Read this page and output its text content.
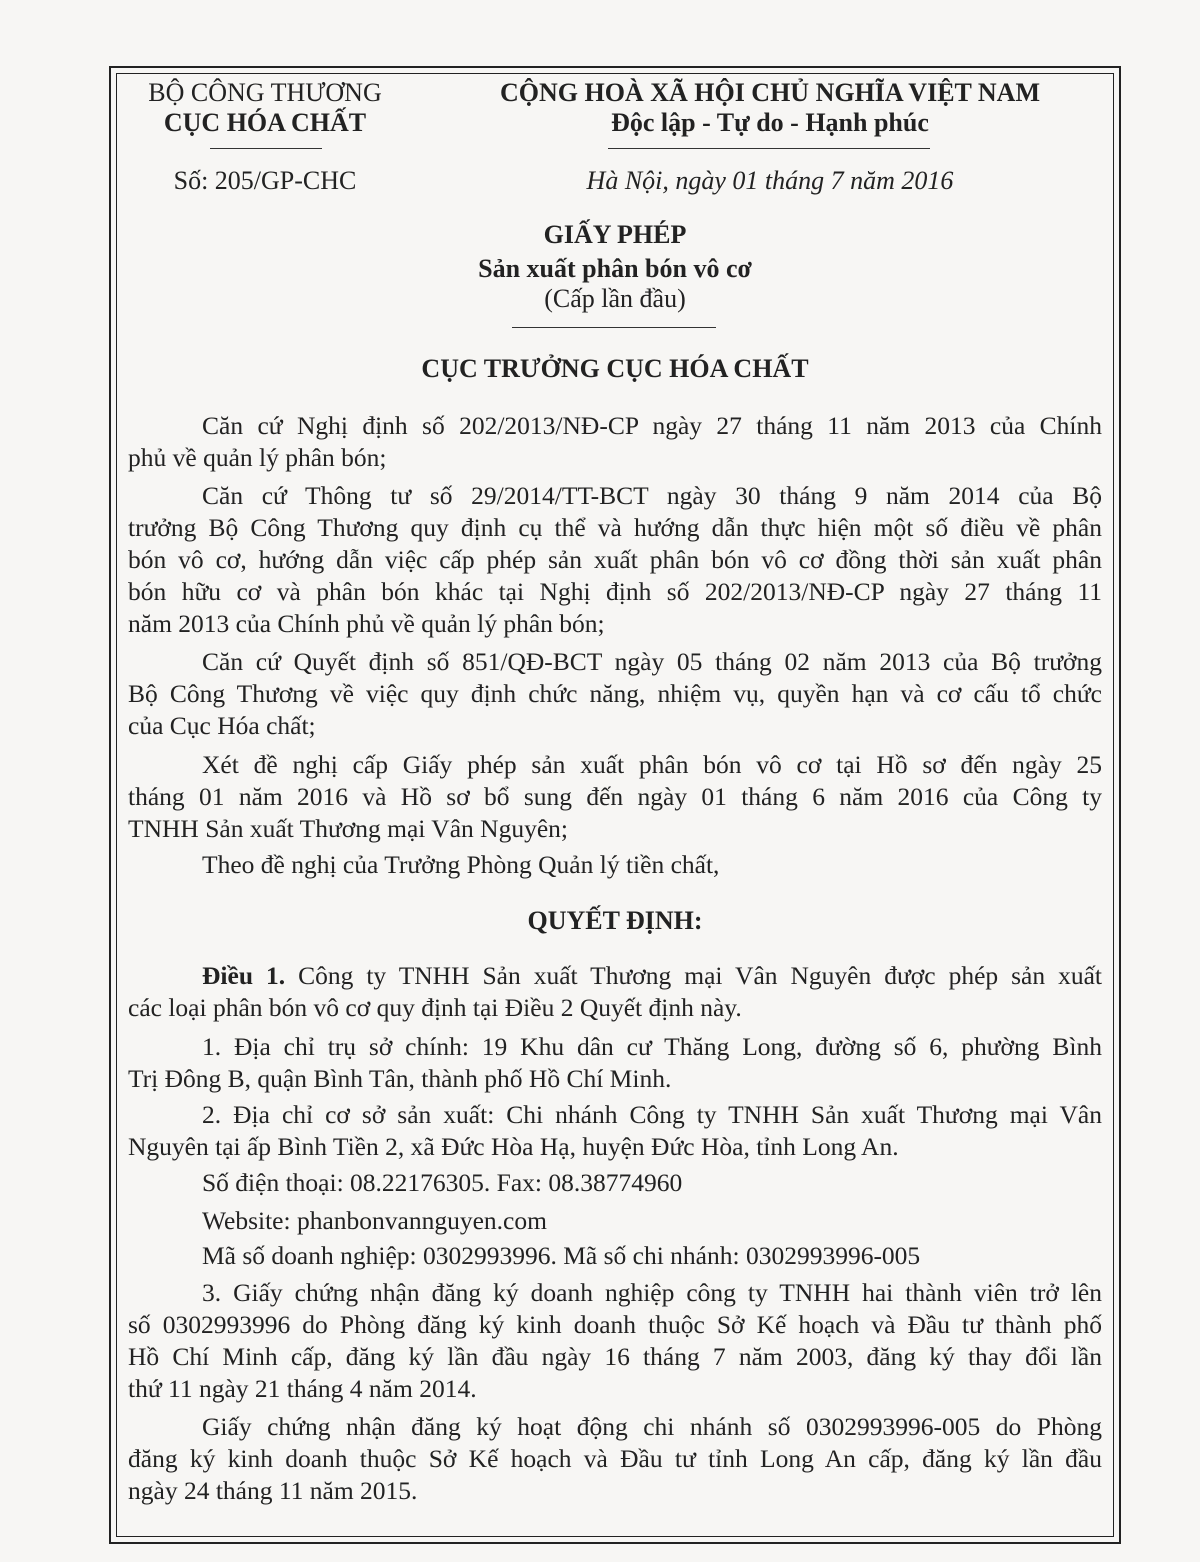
BỘ CÔNG THƯƠNG
CỤC HÓA CHẤT
CỘNG HOÀ XÃ HỘI CHỦ NGHĨA VIỆT NAM
Độc lập - Tự do - Hạnh phúc
Số: 205/GP-CHC	Hà Nội, ngày 01 tháng 7 năm 2016
GIẤY PHÉP
Sản xuất phân bón vô cơ
(Cấp lần đầu)
CỤC TRƯỞNG CỤC HÓA CHẤT
Căn cứ Nghị định số 202/2013/NĐ-CP ngày 27 tháng 11 năm 2013 của Chính
phủ về quản lý phân bón;
Căn cứ Thông tư số 29/2014/TT-BCT ngày 30 tháng 9 năm 2014 của Bộ
trưởng Bộ Công Thương quy định cụ thể và hướng dẫn thực hiện một số điều về phân
bón vô cơ, hướng dẫn việc cấp phép sản xuất phân bón vô cơ đồng thời sản xuất phân
bón hữu cơ và phân bón khác tại Nghị định số 202/2013/NĐ-CP ngày 27 tháng 11
năm 2013 của Chính phủ về quản lý phân bón;
Căn cứ Quyết định số 851/QĐ-BCT ngày 05 tháng 02 năm 2013 của Bộ trưởng
Bộ Công Thương về việc quy định chức năng, nhiệm vụ, quyền hạn và cơ cấu tổ chức
của Cục Hóa chất;
Xét đề nghị cấp Giấy phép sản xuất phân bón vô cơ tại Hồ sơ đến ngày 25
tháng 01 năm 2016 và Hồ sơ bổ sung đến ngày 01 tháng 6 năm 2016 của Công ty
TNHH Sản xuất Thương mại Vân Nguyên;
Theo đề nghị của Trưởng Phòng Quản lý tiền chất,
QUYẾT ĐỊNH:
Điều 1. Công ty TNHH Sản xuất Thương mại Vân Nguyên được phép sản xuất
các loại phân bón vô cơ quy định tại Điều 2 Quyết định này.
1. Địa chỉ trụ sở chính: 19 Khu dân cư Thăng Long, đường số 6, phường Bình
Trị Đông B, quận Bình Tân, thành phố Hồ Chí Minh.
2. Địa chỉ cơ sở sản xuất: Chi nhánh Công ty TNHH Sản xuất Thương mại Vân
Nguyên tại ấp Bình Tiền 2, xã Đức Hòa Hạ, huyện Đức Hòa, tỉnh Long An.
Số điện thoại: 08.22176305. Fax: 08.38774960
Website: phanbonvannguyen.com
Mã số doanh nghiệp: 0302993996. Mã số chi nhánh: 0302993996-005
3. Giấy chứng nhận đăng ký doanh nghiệp công ty TNHH hai thành viên trở lên
số 0302993996 do Phòng đăng ký kinh doanh thuộc Sở Kế hoạch và Đầu tư thành phố
Hồ Chí Minh cấp, đăng ký lần đầu ngày 16 tháng 7 năm 2003, đăng ký thay đổi lần
thứ 11 ngày 21 tháng 4 năm 2014.
Giấy chứng nhận đăng ký hoạt động chi nhánh số 0302993996-005 do Phòng
đăng ký kinh doanh thuộc Sở Kế hoạch và Đầu tư tỉnh Long An cấp, đăng ký lần đầu
ngày 24 tháng 11 năm 2015.
